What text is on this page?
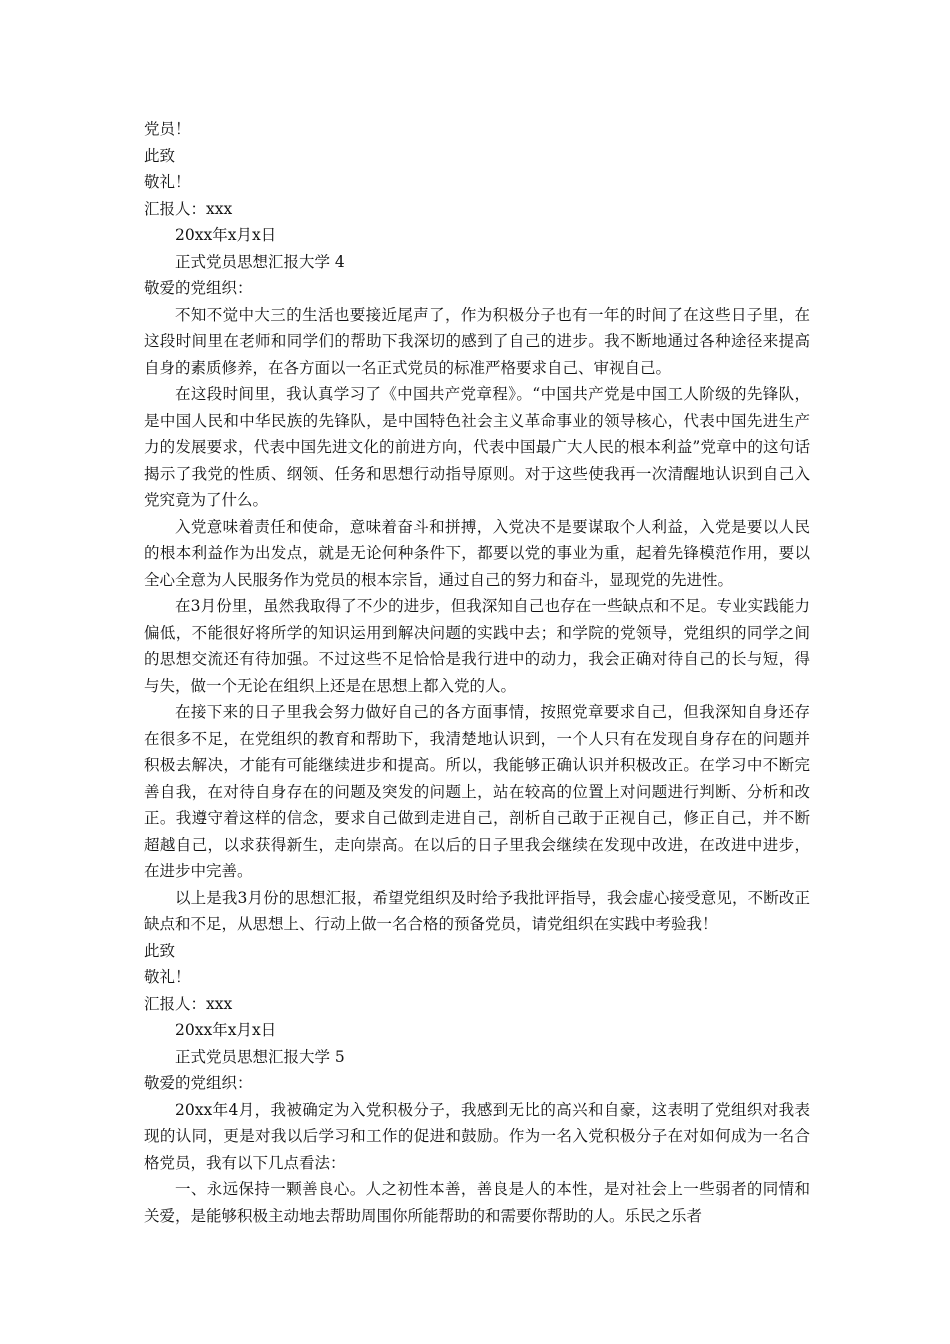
党员！

此致

敬礼！

汇报人：xxx

20xx年x月x日

正式党员思想汇报大学 4

敬爱的党组织：

不知不觉中大三的生活也要接近尾声了，作为积极分子也有一年的时间了在这些日子里，在这段时间里在老师和同学们的帮助下我深切的感到了自己的进步。我不断地通过各种途径来提高自身的素质修养，在各方面以一名正式党员的标准严格要求自己、审视自己。

在这段时间里，我认真学习了《中国共产党章程》。“中国共产党是中国工人阶级的先锋队，是中国人民和中华民族的先锋队，是中国特色社会主义革命事业的领导核心，代表中国先进生产力的发展要求，代表中国先进文化的前进方向，代表中国最广大人民的根本利益”党章中的这句话揭示了我党的性质、纲领、任务和思想行动指导原则。对于这些使我再一次清醒地认识到自己入党究竟为了什么。

入党意味着责任和使命，意味着奋斗和拼搏，入党决不是要谋取个人利益，入党是要以人民的根本利益作为出发点，就是无论何种条件下，都要以党的事业为重，起着先锋模范作用，要以全心全意为人民服务作为党员的根本宗旨，通过自己的努力和奋斗，显现党的先进性。

在3月份里，虽然我取得了不少的进步，但我深知自己也存在一些缺点和不足。专业实践能力偏低，不能很好将所学的知识运用到解决问题的实践中去；和学院的党领导，党组织的同学之间的思想交流还有待加强。不过这些不足恰恰是我行进中的动力，我会正确对待自己的长与短，得与失，做一个无论在组织上还是在思想上都入党的人。

在接下来的日子里我会努力做好自己的各方面事情，按照党章要求自己，但我深知自身还存在很多不足，在党组织的教育和帮助下，我清楚地认识到，一个人只有在发现自身存在的问题并积极去解决，才能有可能继续进步和提高。所以，我能够正确认识并积极改正。在学习中不断完善自我，在对待自身存在的问题及突发的问题上，站在较高的位置上对问题进行判断、分析和改正。我遵守着这样的信念，要求自己做到走进自己，剖析自己敢于正视自己，修正自己，并不断超越自己，以求获得新生，走向崇高。在以后的日子里我会继续在发现中改进，在改进中进步，在进步中完善。

以上是我3月份的思想汇报，希望党组织及时给予我批评指导，我会虚心接受意见，不断改正缺点和不足，从思想上、行动上做一名合格的预备党员，请党组织在实践中考验我！

此致

敬礼！

汇报人：xxx

20xx年x月x日

正式党员思想汇报大学 5

敬爱的党组织：

20xx年4月，我被确定为入党积极分子，我感到无比的高兴和自豪，这表明了党组织对我表现的认同，更是对我以后学习和工作的促进和鼓励。作为一名入党积极分子在对如何成为一名合格党员，我有以下几点看法：

一、永远保持一颗善良心。人之初性本善，善良是人的本性，是对社会上一些弱者的同情和关爱，是能够积极主动地去帮助周围你所能帮助的和需要你帮助的人。乐民之乐者
